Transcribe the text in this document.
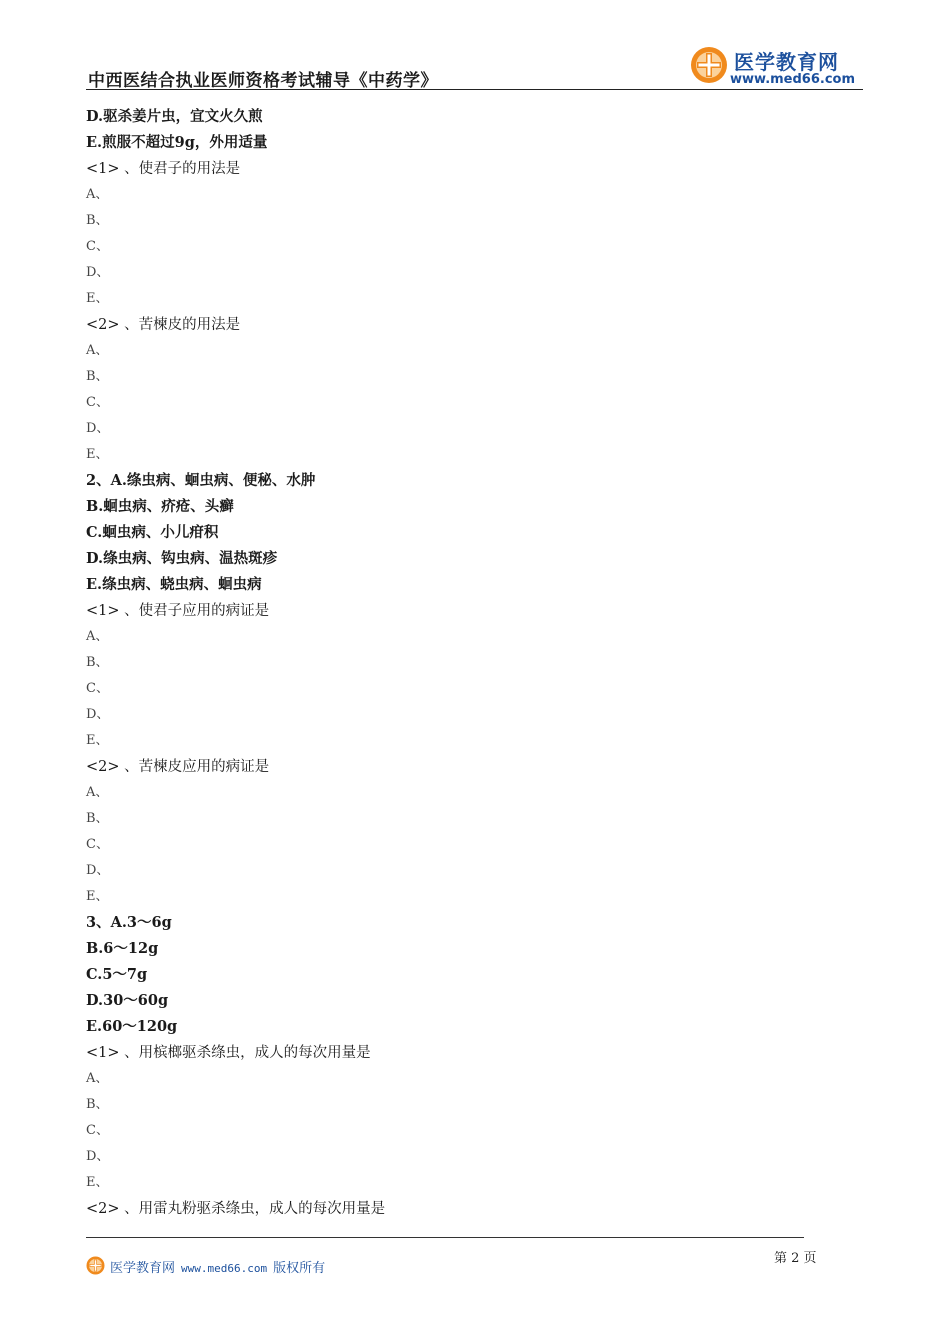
中西医结合执业医师资格考试辅导《中药学》
医学教育网
www.med66.com
D.驱杀姜片虫，宜文火久煎
E.煎服不超过9g，外用适量
<1> 、使君子的用法是
A、
B、
C、
D、
E、
<2> 、苦楝皮的用法是
A、
B、
C、
D、
E、
2、A.绦虫病、蛔虫病、便秘、水肿
B.蛔虫病、疥疮、头癣
C.蛔虫病、小儿疳积
D.绦虫病、钩虫病、温热斑疹
E.绦虫病、蛲虫病、蛔虫病
<1> 、使君子应用的病证是
A、
B、
C、
D、
E、
<2> 、苦楝皮应用的病证是
A、
B、
C、
D、
E、
3、A.3～6g
B.6～12g
C.5～7g
D.30～60g
E.60～120g
<1> 、用槟榔驱杀绦虫，成人的每次用量是
A、
B、
C、
D、
E、
<2> 、用雷丸粉驱杀绦虫，成人的每次用量是
第 2 页
医学教育网 www.med66.com 版权所有
